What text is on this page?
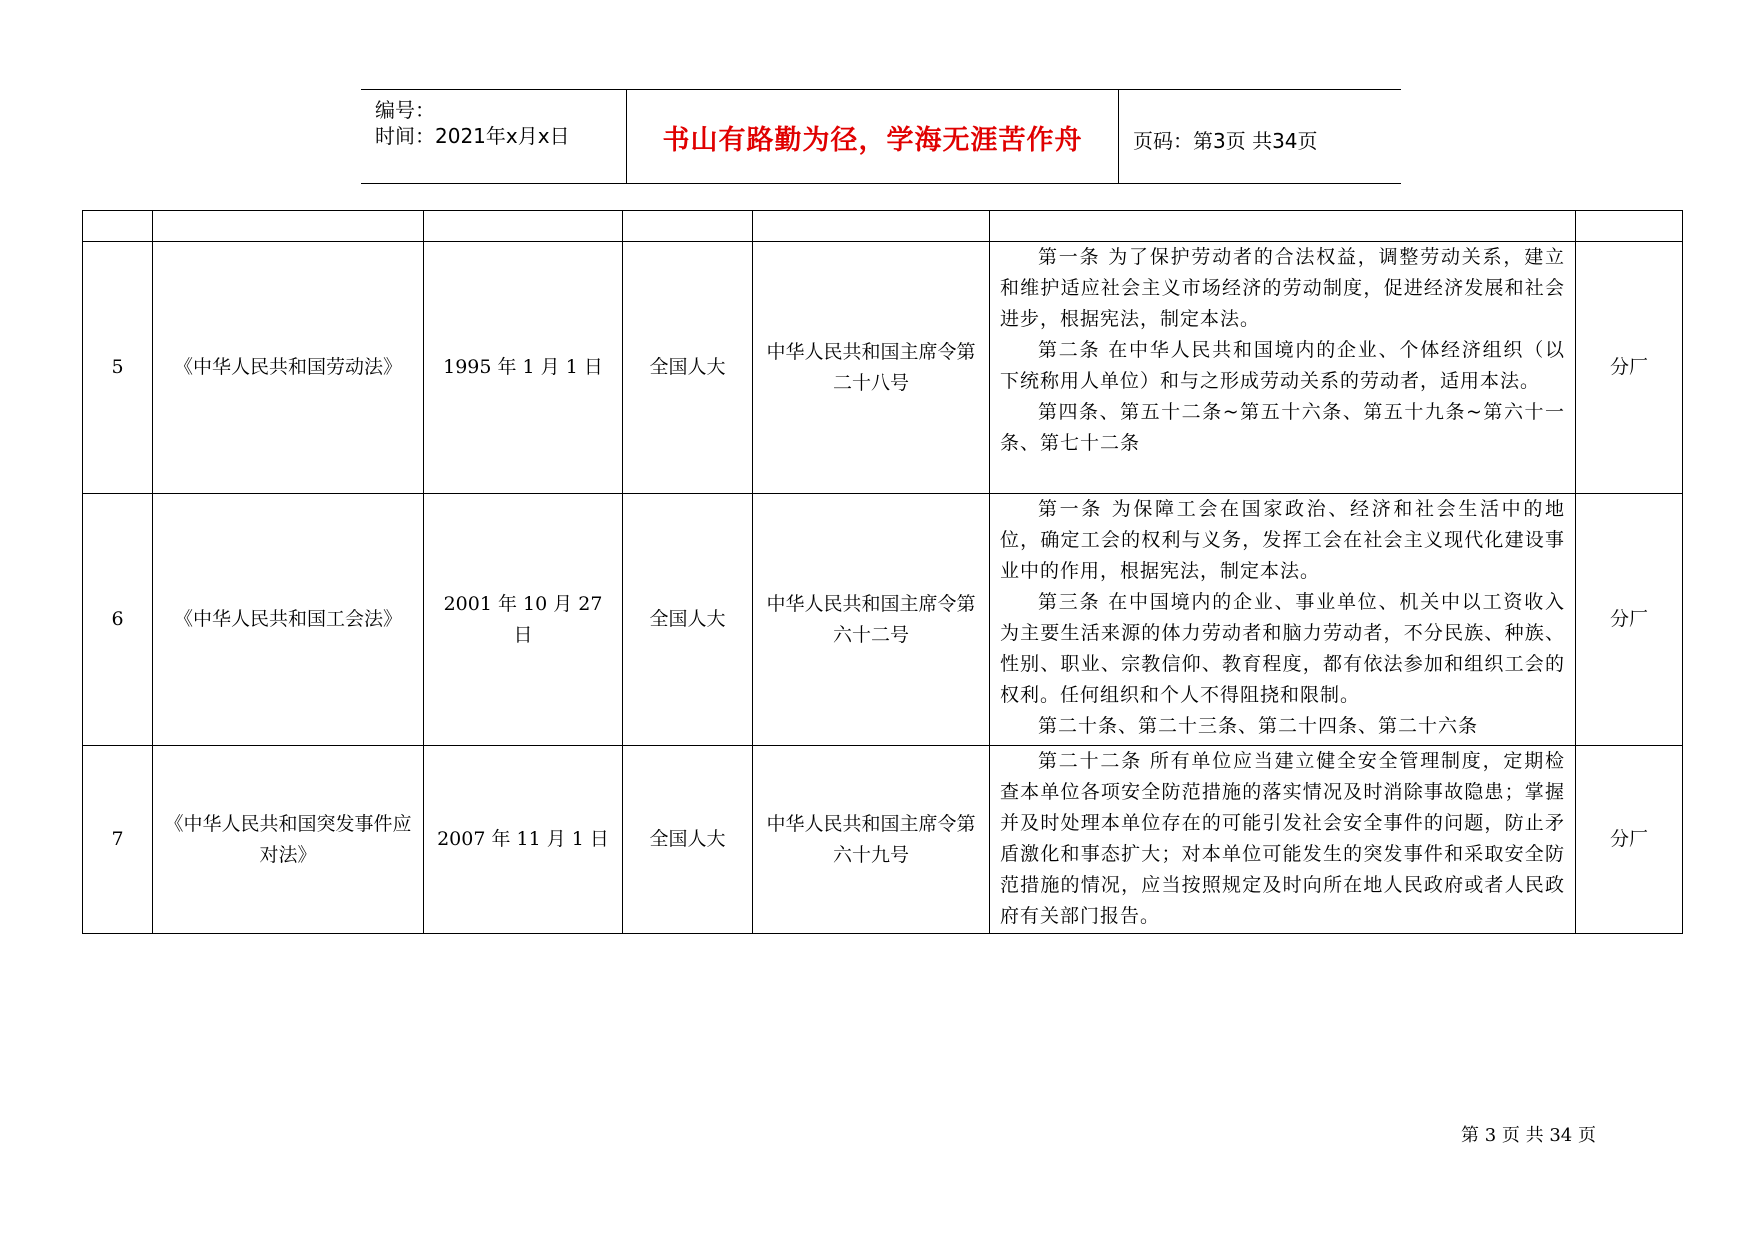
编号：
时间：2021年x月x日	书山有路勤为径，学海无涯苦作舟	页码：第3页 共34页

5	《中华人民共和国劳动法》	1995 年 1 月 1 日	全国人大	中华人民共和国主席令第二十八号	第一条 为了保护劳动者的合法权益，调整劳动关系，建立和维护适应社会主义市场经济的劳动制度，促进经济发展和社会进步，根据宪法，制定本法。

第二条 在中华人民共和国境内的企业、个体经济组织（以下统称用人单位）和与之形成劳动关系的劳动者，适用本法。

第四条、第五十二条~第五十六条、第五十九条~第六十一条、第七十二条	分厂
6	《中华人民共和国工会法》	2001 年 10 月 27 日	全国人大	中华人民共和国主席令第六十二号	第一条 为保障工会在国家政治、经济和社会生活中的地位，确定工会的权利与义务，发挥工会在社会主义现代化建设事业中的作用，根据宪法，制定本法。

第三条 在中国境内的企业、事业单位、机关中以工资收入为主要生活来源的体力劳动者和脑力劳动者，不分民族、种族、性别、职业、宗教信仰、教育程度，都有依法参加和组织工会的权利。任何组织和个人不得阻挠和限制。

第二十条、第二十三条、第二十四条、第二十六条	分厂
7	《中华人民共和国突发事件应对法》	2007 年 11 月 1 日	全国人大	中华人民共和国主席令第六十九号	第二十二条 所有单位应当建立健全安全管理制度，定期检查本单位各项安全防范措施的落实情况及时消除事故隐患；掌握并及时处理本单位存在的可能引发社会安全事件的问题，防止矛盾激化和事态扩大；对本单位可能发生的突发事件和采取安全防范措施的情况，应当按照规定及时向所在地人民政府或者人民政府有关部门报告。	分厂
第 3 页 共 34 页
